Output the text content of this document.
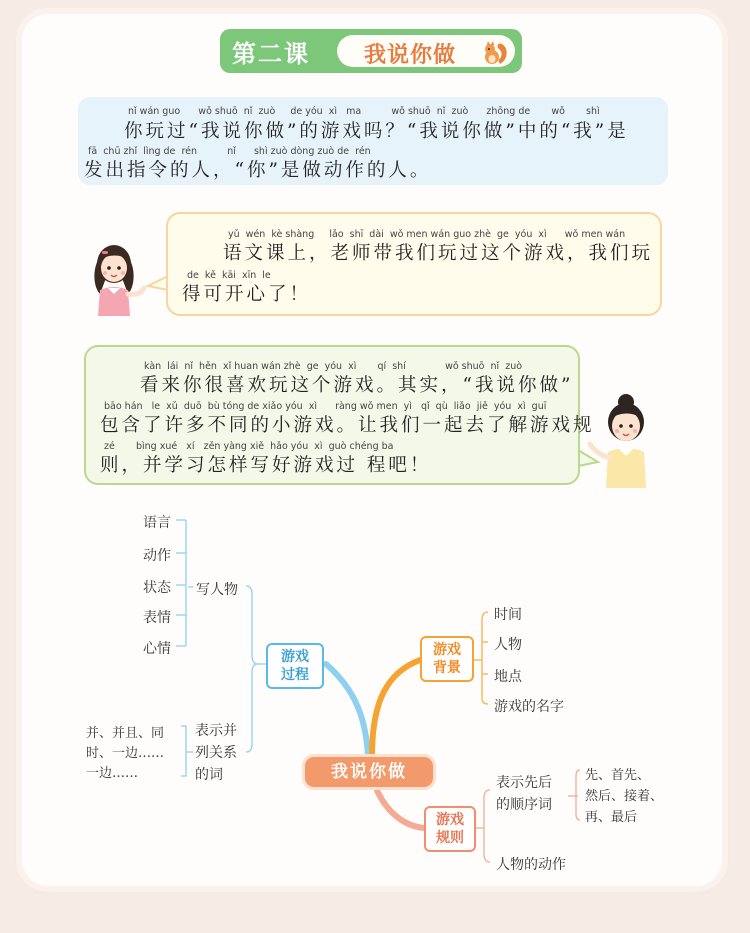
第二课 我说你做
nǐ wán guo      wǒ shuō  nǐ  zuò     de yóu  xì   ma          wǒ shuō  nǐ  zuò      zhōng de       wǒ       shì
你玩过“我说你做”的游戏吗？“我说你做”中的“我”是
fā  chū zhǐ  lìng de  rén          nǐ      shì zuò dòng zuò de  rén
发出指令的人，“你”是做动作的人。
yǔ  wén  kè shàng     lǎo  shī  dài  wǒ men wán guo zhè  ge  yóu  xì      wǒ men wán
语文课上，老师带我们玩过这个游戏，我们玩
de  kě  kāi  xīn  le
得可开心了！
kàn  lái  nǐ  hěn  xǐ huan wán zhè  ge  yóu  xì       qí  shí             wǒ shuō  nǐ  zuò
看来你很喜欢玩这个游戏。其实，“我说你做”
bāo hán   le  xǔ  duō  bù tóng de xiǎo yóu  xì      ràng wǒ men  yì   qǐ  qù  liǎo  jiě  yóu  xì  guī
包含了许多不同的小游戏。让我们一起去了解游戏规
zé       bìng xué   xí   zěn yàng xiě  hǎo yóu  xì  guò chéng ba
则，并学习怎样写好游戏过 程吧！
我说你做
游戏
过程
游戏
背景
游戏
规则
写人物
语言
动作
状态
表情
心情
表示并
列关系
的词
并、并且、同
时、一边……
一边……
时间
人物
地点
游戏的名字
表示先后
的顺序词
先、首先、
然后、接着、
再、最后
人物的动作
